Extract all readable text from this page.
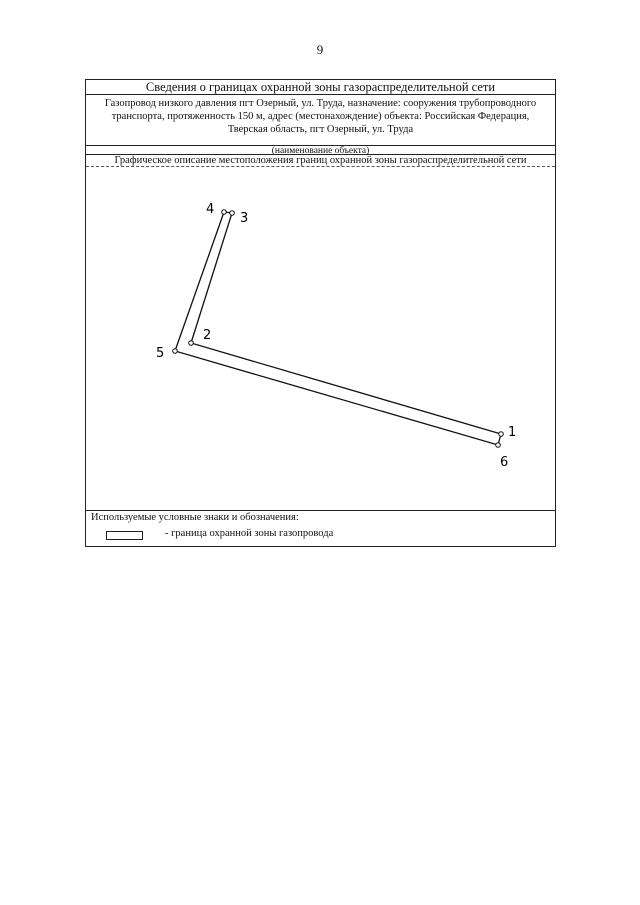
9
Сведения о границах охранной зоны газораспределительной сети
Газопровод низкого давления пгт Озерный, ул. Труда, назначение: сооружения трубопроводного
транспорта, протяженность 150 м, адрес (местонахождение) объекта: Российская Федерация,
Тверская область, пгт Озерный, ул. Труда
(наименование объекта)
Графическое описание местоположения границ охранной зоны газораспределительной сети
1
2
3
4
5
6
Используемые условные знаки и обозначения:
- граница охранной зоны газопровода
